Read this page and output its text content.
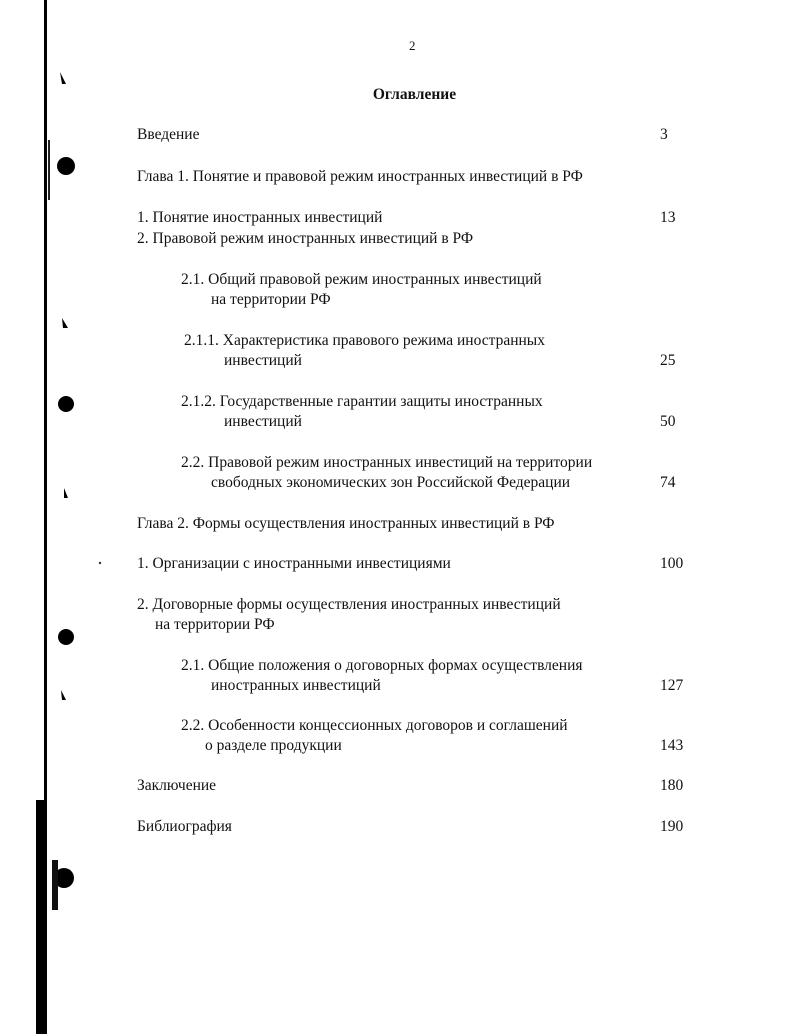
2
Оглавление
Введение	3
Глава 1. Понятие и правовой режим иностранных инвестиций в РФ
1. Понятие иностранных инвестиций	13
2. Правовой режим иностранных инвестиций в РФ
2.1. Общий правовой режим иностранных инвестиций
на территории РФ
2.1.1. Характеристика правового режима иностранных
инвестиций	25
2.1.2. Государственные гарантии защиты иностранных
инвестиций	50
2.2. Правовой режим иностранных инвестиций на территории
свободных экономических зон Российской Федерации	74
Глава 2. Формы осуществления иностранных инвестиций в РФ
1. Организации с иностранными инвестициями	100
2. Договорные формы осуществления иностранных инвестиций
на территории РФ
2.1. Общие положения о договорных формах осуществления
иностранных инвестиций	127
2.2. Особенности концессионных договоров и соглашений
о разделе продукции	143
Заключение	180
Библиография	190
